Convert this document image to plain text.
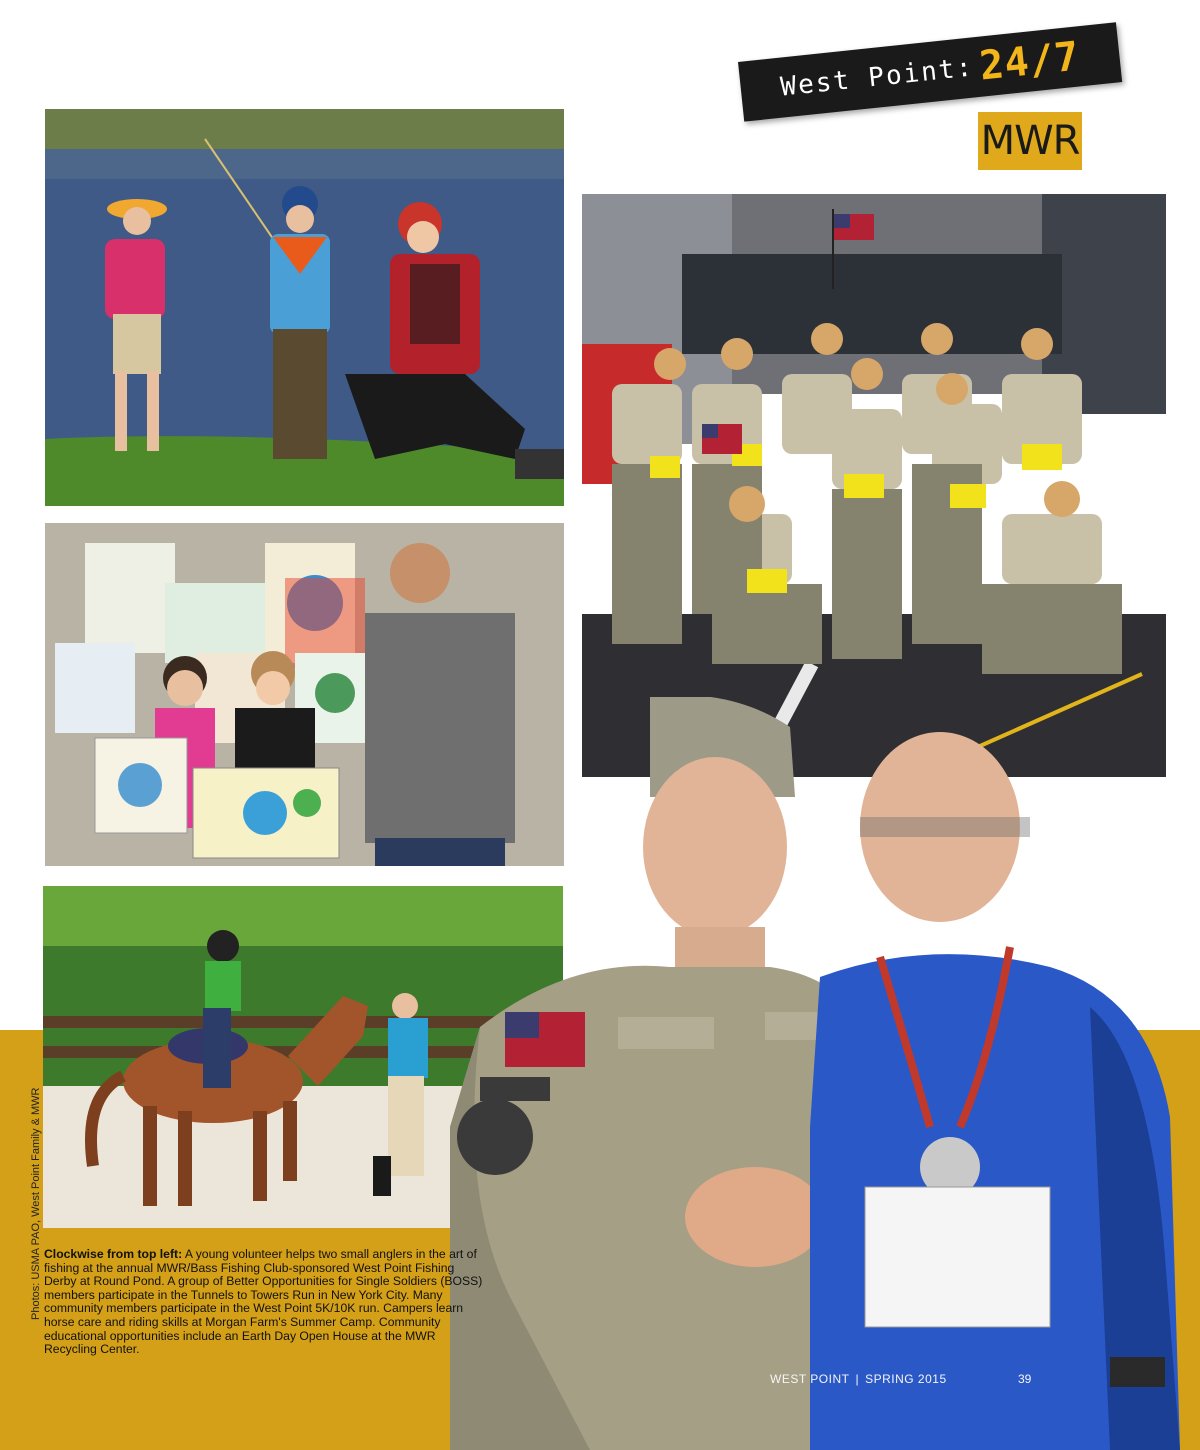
West Point: 24/7
MWR
Photos: USMA PAO, West Point Family & MWR Clockwise from top left: A young volunteer helps two small anglers in the art of fishing at the annual MWR/Bass Fishing Club-sponsored West Point Fishing Derby at Round Pond. A group of Better Opportunities for Single Soldiers (BOSS) members participate in the Tunnels to Towers Run in New York City. Many community members participate in the West Point 5K/10K run. Campers learn horse care and riding skills at Morgan Farm's Summer Camp. Community educational opportunities include an Earth Day Open House at the MWR Recycling Center.
WEST POINT | SPRING 2015	39
